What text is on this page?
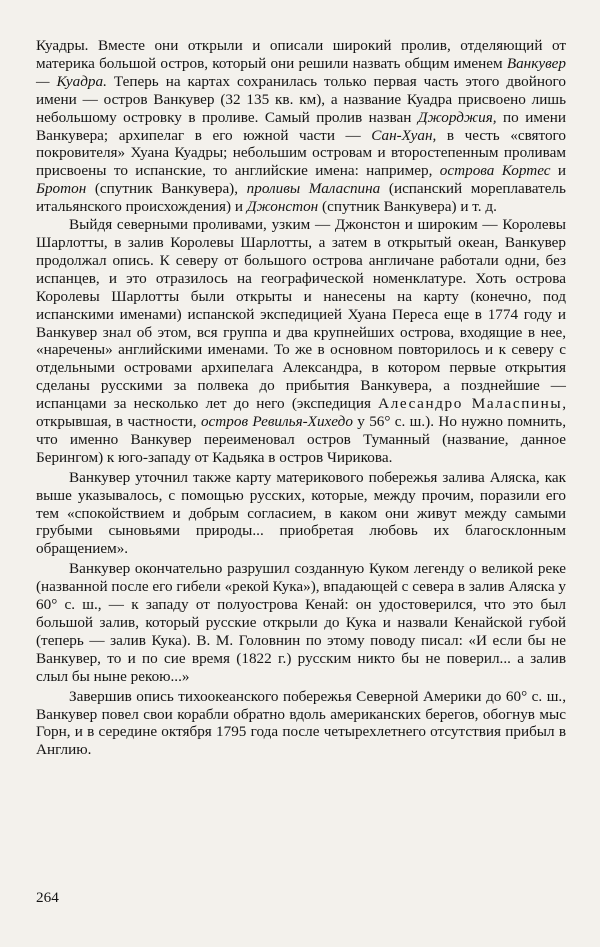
Куадры. Вместе они открыли и описали широкий пролив, отделяющий от материка большой остров, который они решили назвать общим именем Ванкувер — Куадра. Теперь на картах сохранилась только первая часть этого двойного имени — остров Ванкувер (32 135 кв. км), а название Куадра присвоено лишь небольшому островку в проливе. Самый пролив назван Джорджия, по имени Ванкувера; архипелаг в его южной части — Сан-Хуан, в честь «святого покровителя» Хуана Куадры; небольшим островам и второстепенным проливам присвоены то испанские, то английские имена: например, острова Кортес и Бротон (спутник Ванкувера), проливы Маласпина (испанский мореплаватель итальянского происхождения) и Джонстон (спутник Ванкувера) и т. д.

Выйдя северными проливами, узким — Джонстон и широким — Королевы Шарлотты, в залив Королевы Шарлотты, а затем в открытый океан, Ванкувер продолжал опись. К северу от большого острова англичане работали одни, без испанцев, и это отразилось на географической номенклатуре. Хоть острова Королевы Шарлотты были открыты и нанесены на карту (конечно, под испанскими именами) испанской экспедицией Хуана Переса еще в 1774 году и Ванкувер знал об этом, вся группа и два крупнейших острова, входящие в нее, «наречены» английскими именами. То же в основном повторилось и к северу с отдельными островами архипелага Александра, в котором первые открытия сделаны русскими за полвека до прибытия Ванкувера, а позднейшие — испанцами за несколько лет до него (экспедиция Алесандро Маласпины, открывшая, в частности, остров Ревилья-Хихедо у 56° с. ш.). Но нужно помнить, что именно Ванкувер переименовал остров Туманный (название, данное Берингом) к юго-западу от Кадьяка в остров Чирикова.

Ванкувер уточнил также карту материкового побережья залива Аляска, как выше указывалось, с помощью русских, которые, между прочим, поразили его тем «спокойствием и добрым согласием, в каком они живут между самыми грубыми сыновьями природы... приобретая любовь их благосклонным обращением».

Ванкувер окончательно разрушил созданную Куком легенду о великой реке (названной после его гибели «рекой Кука»), впадающей с севера в залив Аляска у 60° с. ш., — к западу от полуострова Кенай: он удостоверился, что это был большой залив, который русские открыли до Кука и назвали Кенайской губой (теперь — залив Кука). В. М. Головнин по этому поводу писал: «И если бы не Ванкувер, то и по сие время (1822 г.) русским никто бы не поверил... а залив слыл бы ныне рекою...»

Завершив опись тихоокеанского побережья Северной Америки до 60° с. ш., Ванкувер повел свои корабли обратно вдоль американских берегов, обогнув мыс Горн, и в середине октября 1795 года после четырехлетнего отсутствия прибыл в Англию.

264
